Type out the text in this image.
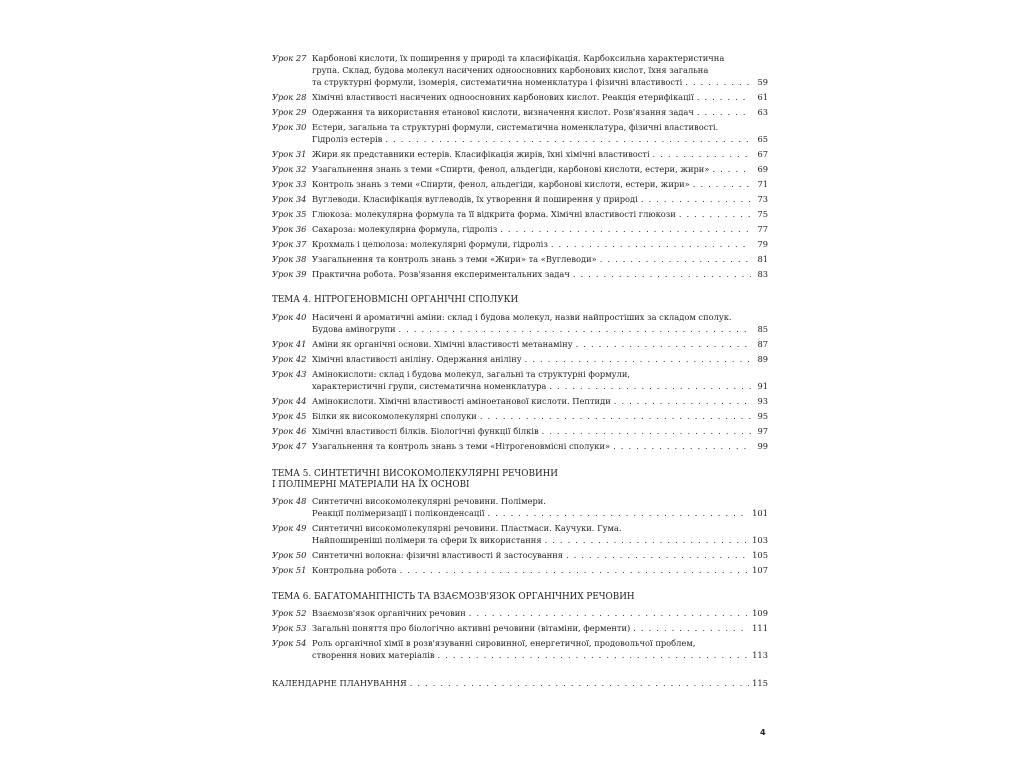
Урок 27 Карбонові кислоти, їх поширення у природі та класифікація. Карбоксильна характеристична
група. Склад, будова молекул насичених одноосновних карбонових кислот, їхня загальна
та структурні формули, ізомерія, систематична номенклатура і фізичні властивості . . .	59
Урок 28 Хімічні властивості насичених одноосновних карбонових кислот. Реакція етерифікації . . .	61
Урок 29 Одержання та використання етанової кислоти, визначення кислот. Розв'язання задач . . .	63
Урок 30 Естери, загальна та структурні формули, систематична номенклатура, фізичні властивості.
Гідроліз естерів . . .	65
Урок 31 Жири як представники естерів. Класифікація жирів, їхні хімічні властивості . . .	67
Урок 32 Узагальнення знань з теми «Спирти, фенол, альдегіди, карбонові кислоти, естери, жири» . . .	69
Урок 33 Контроль знань з теми «Спирти, фенол, альдегіди, карбонові кислоти, естери, жири» . . .	71
Урок 34 Вуглеводи. Класифікація вуглеводів, їх утворення й поширення у природі . . .	73
Урок 35 Глюкоза: молекулярна формула та її відкрита форма. Хімічні властивості глюкози . . .	75
Урок 36 Сахароза: молекулярна формула, гідроліз . . .	77
Урок 37 Крохмаль і целюлоза: молекулярні формули, гідроліз . . .	79
Урок 38 Узагальнення та контроль знань з теми «Жири» та «Вуглеводи» . . .	81
Урок 39 Практична робота. Розв'язання експериментальних задач . . .	83
ТЕМА 4. НІТРОГЕНОВМІСНІ ОРГАНІЧНІ СПОЛУКИ
Урок 40 Насичені й ароматичні аміни: склад і будова молекул, назви найпростіших за складом сполук.
Будова аміногрупи . . .	85
Урок 41 Аміни як органічні основи. Хімічні властивості метанаміну . . .	87
Урок 42 Хімічні властивості аніліну. Одержання аніліну . . .	89
Урок 43 Амінокислоти: склад і будова молекул, загальні та структурні формули,
характеристичні групи, систематична номенклатура . . .	91
Урок 44 Амінокислоти. Хімічні властивості аміноетанової кислоти. Пептиди . . .	93
Урок 45 Білки як високомолекулярні сполуки . . .	95
Урок 46 Хімічні властивості білків. Біологічні функції білків . . .	97
Урок 47 Узагальнення та контроль знань з теми «Нітрогеновмісні сполуки» . . .	99
ТЕМА 5. СИНТЕТИЧНІ ВИСОКОМОЛЕКУЛЯРНІ РЕЧОВИНИ
І ПОЛІМЕРНІ МАТЕРІАЛИ НА ЇХ ОСНОВІ
Урок 48 Синтетичні високомолекулярні речовини. Полімери.
Реакції полімеризації і поліконденсації . . .	101
Урок 49 Синтетичні високомолекулярні речовини. Пластмаси. Каучуки. Гума.
Найпоширеніші полімери та сфери їх використання . . .	103
Урок 50 Синтетичні волокна: фізичні властивості й застосування . . .	105
Урок 51 Контрольна робота . . .	107
ТЕМА 6. БАГАТОМАНІТНІСТЬ ТА ВЗАЄМОЗВ'ЯЗОК ОРГАНІЧНИХ РЕЧОВИН
Урок 52 Взаємозв'язок органічних речовин . . .	109
Урок 53 Загальні поняття про біологічно активні речовини (вітаміни, ферменти) . . .	111
Урок 54 Роль органічної хімії в розв'язуванні сировинної, енергетичної, продовольчої проблем,
створення нових матеріалів . . .	113
КАЛЕНДАРНЕ ПЛАНУВАННЯ . . .	115
4
